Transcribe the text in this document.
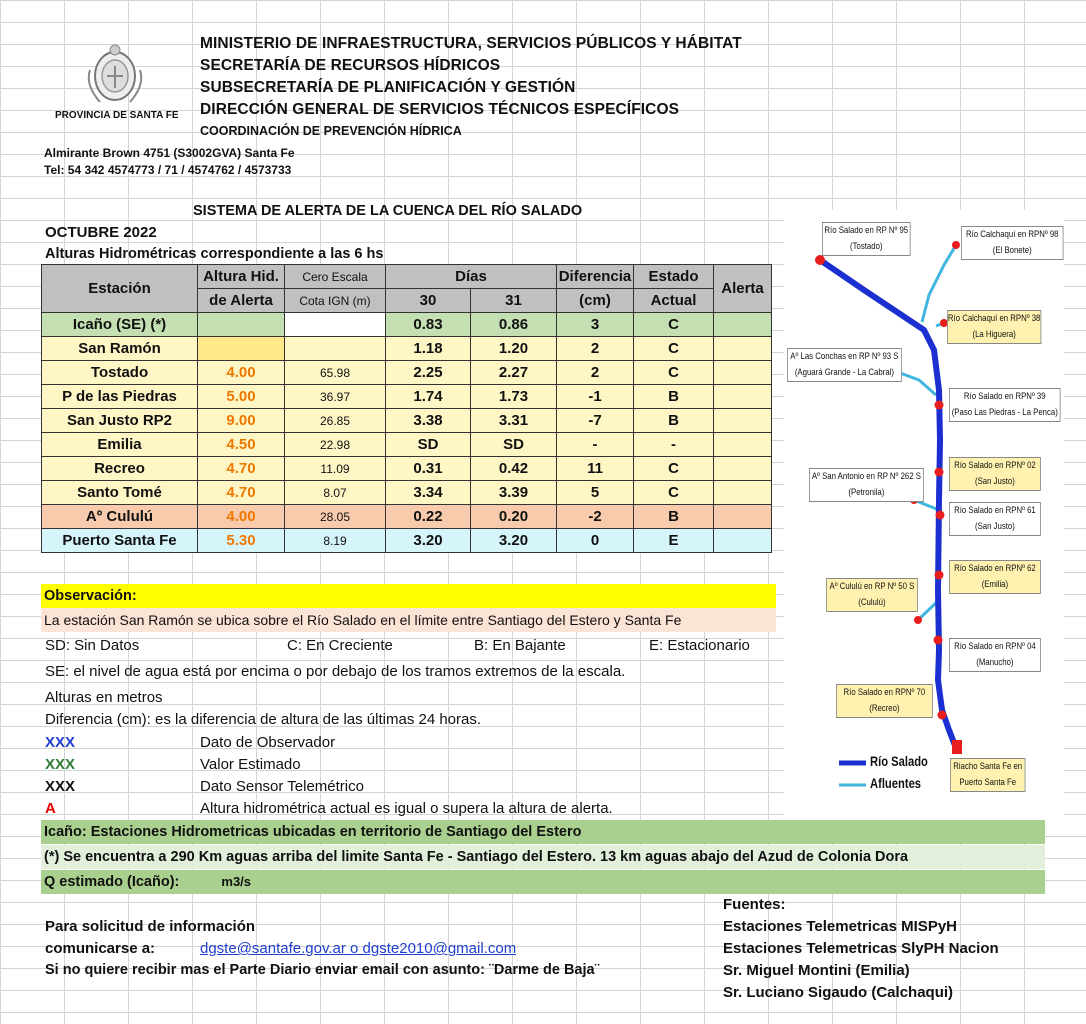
PROVINCIA DE SANTA FE
MINISTERIO DE INFRAESTRUCTURA, SERVICIOS PÚBLICOS Y HÁBITAT
SECRETARÍA DE RECURSOS HÍDRICOS
SUBSECRETARÍA DE PLANIFICACIÓN Y GESTIÓN
DIRECCIÓN GENERAL DE SERVICIOS TÉCNICOS ESPECÍFICOS
COORDINACIÓN DE PREVENCIÓN HÍDRICA
Almirante Brown 4751 (S3002GVA) Santa Fe
Tel: 54 342 4574773 / 71 / 4574762 / 4573733
SISTEMA DE ALERTA DE LA CUENCA DEL RÍO SALADO
OCTUBRE 2022
Alturas Hidrométricas correspondiente a las 6 hs
Estación	Altura Hid.	Cero Escala	Días		Diferencia	Estado	Alerta
	de Alerta	Cota IGN (m)	30	31	(cm)	Actual	
Icaño (SE) (*)			0.83	0.86	3	C	
San Ramón			1.18	1.20	2	C	
Tostado	4.00	65.98	2.25	2.27	2	C	
P de las Piedras	5.00	36.97	1.74	1.73	-1	B	
San Justo RP2	9.00	26.85	3.38	3.31	-7	B	
Emilia	4.50	22.98	SD	SD	-	-	
Recreo	4.70	11.09	0.31	0.42	11	C	
Santo Tomé	4.70	8.07	3.34	3.39	5	C	
Aº Cululú	4.00	28.05	0.22	0.20	-2	B	
Puerto Santa Fe	5.30	8.19	3.20	3.20	0	E	
Observación:
La estación San Ramón se ubica sobre el Río Salado en el límite entre Santiago del Estero y Santa Fe
SD: Sin Datos	C: En Creciente	B: En Bajante	E: Estacionario
SE: el nivel de agua está por encima o por debajo de los tramos extremos de la escala.
Alturas en metros
Diferencia (cm): es la diferencia de altura de las últimas 24 horas.
XXX	Dato de Observador
XXX	Valor Estimado
XXX	Dato Sensor Telemétrico
A	Altura hidrométrica actual es igual o supera la altura de alerta.
Icaño: Estaciones Hidrometricas ubicadas en territorio de Santiago del Estero
(*) Se encuentra a 290 Km aguas arriba del limite Santa Fe - Santiago del Estero. 13 km aguas abajo del Azud de Colonia Dora
Q estimado (Icaño):	m3/s
Para solicitud de información
comunicarse a:	dgste@santafe.gov.ar o dgste2010@gmail.com
Si no quiere recibir mas el Parte Diario enviar email con asunto: ¨Darme de Baja¨
Fuentes:
Estaciones Telemetricas MISPyH
Estaciones Telemetricas SlyPH Nacion
Sr. Miguel Montini (Emilia)
Sr. Luciano Sigaudo (Calchaqui)
Río Salado en RP Nº 95
(Tostado)
Río Calchaquí en RPNº 98
(El Bonete)
Río Calchaquí en RPNº 38
(La Higuera)
Aº Las Conchas en RP Nº 93 S
(Aguará Grande - La Cabral)
Río Salado en RPNº 39
(Paso Las Piedras - La Penca)
Aº San Antonio en RP Nº 262 S
(Petronila)
Río Salado en RPNº 02
(San Justo)
Río Salado en RPNº 61
(San Justo)
Río Salado en RPNº 62
(Emilia)
Aº Cululú en RP Nº 50 S
(Cululú)
Río Salado en RPNº 04
(Manucho)
Río Salado en RPNº 70
(Recreo)
Riacho Santa Fe en
Puerto Santa Fe
Río Salado
Afluentes
